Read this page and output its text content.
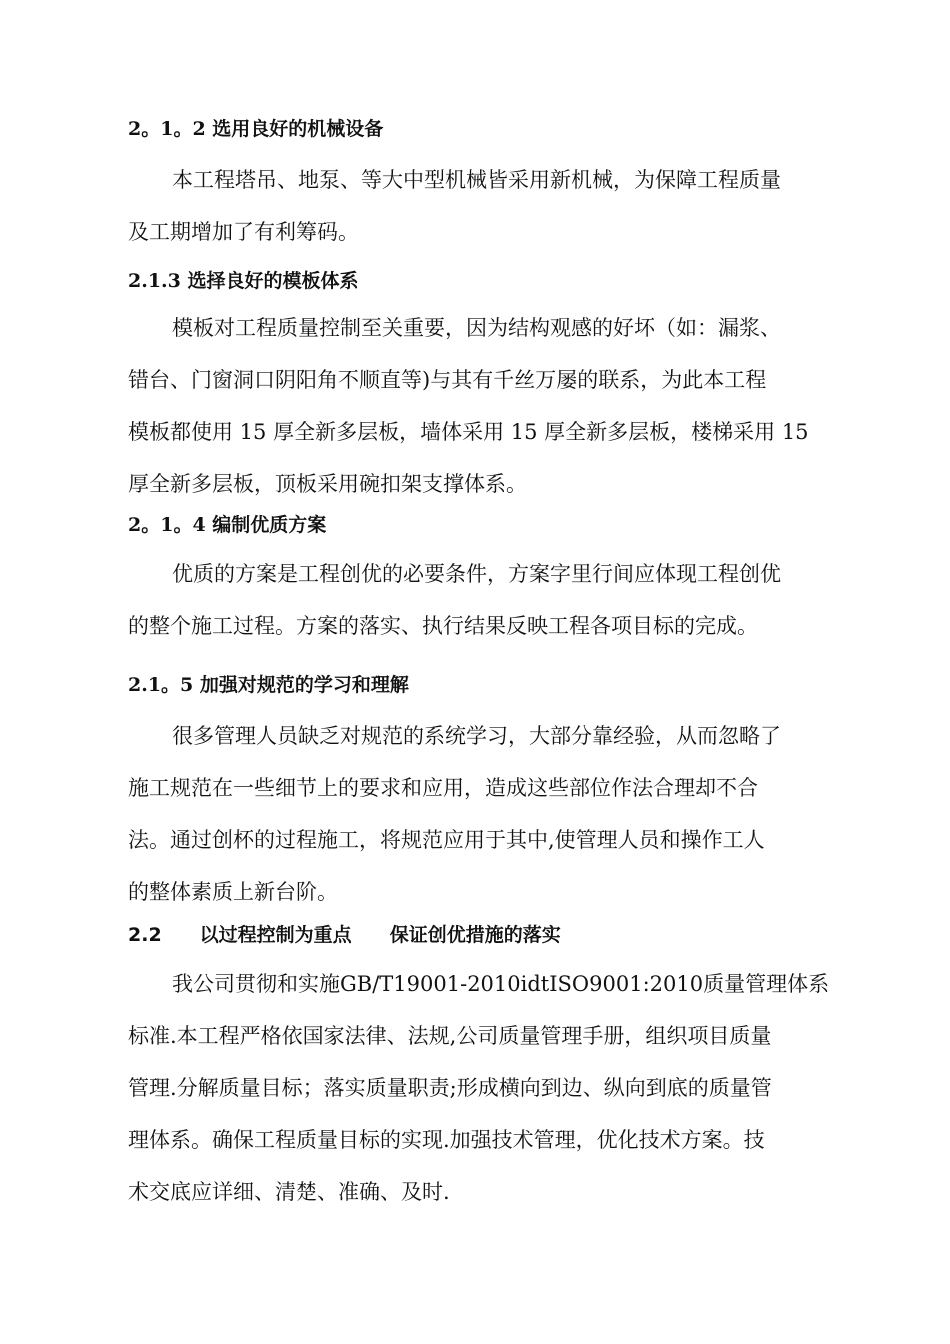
2。1。2 选用良好的机械设备
本工程塔吊、地泵、等大中型机械皆采用新机械，为保障工程质量
及工期增加了有利筹码。
2.1.3 选择良好的模板体系
模板对工程质量控制至关重要，因为结构观感的好坏（如：漏浆、
错台、门窗洞口阴阳角不顺直等)与其有千丝万屡的联系，为此本工程
模板都使用 15 厚全新多层板，墙体采用 15 厚全新多层板，楼梯采用 15
厚全新多层板，顶板采用碗扣架支撑体系。
2。1。4 编制优质方案
优质的方案是工程创优的必要条件，方案字里行间应体现工程创优
的整个施工过程。方案的落实、执行结果反映工程各项目标的完成。
2.1。5 加强对规范的学习和理解
很多管理人员缺乏对规范的系统学习，大部分靠经验，从而忽略了
施工规范在一些细节上的要求和应用，造成这些部位作法合理却不合
法。通过创杯的过程施工，将规范应用于其中,使管理人员和操作工人
的整体素质上新台阶。
2.2 以过程控制为重点 保证创优措施的落实
我公司贯彻和实施GB/T19001-2010idtISO9001:2010质量管理体系
标准.本工程严格依国家法律、法规,公司质量管理手册，组织项目质量
管理.分解质量目标；落实质量职责;形成横向到边、纵向到底的质量管
理体系。确保工程质量目标的实现.加强技术管理，优化技术方案。技
术交底应详细、清楚、准确、及时.
